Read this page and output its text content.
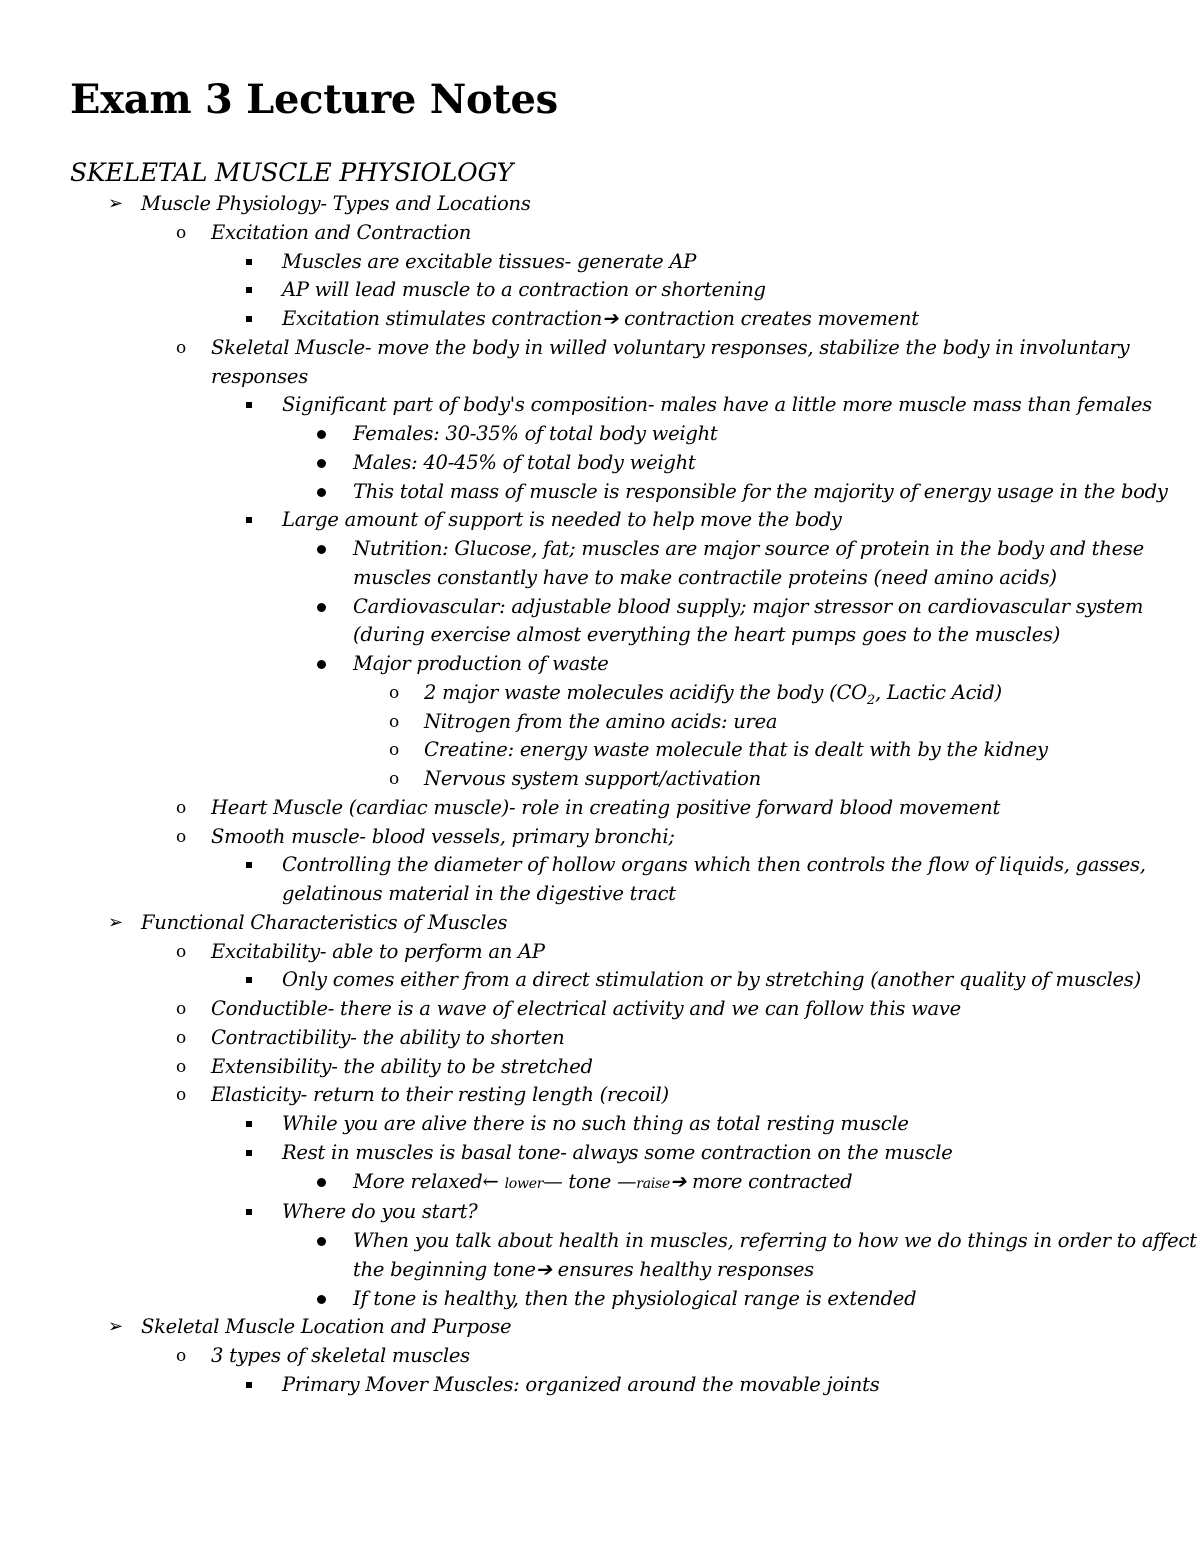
Exam 3 Lecture Notes
SKELETAL MUSCLE PHYSIOLOGY
➢ Muscle Physiology- Types and Locations
o Excitation and Contraction
Muscles are excitable tissues- generate AP
AP will lead muscle to a contraction or shortening
Excitation stimulates contraction➔ contraction creates movement
o Skeletal Muscle- move the body in willed voluntary responses, stabilize the body in involuntary responses
Significant part of body's composition- males have a little more muscle mass than females
Females: 30-35% of total body weight
Males: 40-45% of total body weight
This total mass of muscle is responsible for the majority of energy usage in the body
Large amount of support is needed to help move the body
Nutrition: Glucose, fat; muscles are major source of protein in the body and these muscles constantly have to make contractile proteins (need amino acids)
Cardiovascular: adjustable blood supply; major stressor on cardiovascular system (during exercise almost everything the heart pumps goes to the muscles)
Major production of waste
o 2 major waste molecules acidify the body ($CO_2$, Lactic Acid)
o Nitrogen from the amino acids: urea
o Creatine: energy waste molecule that is dealt with by the kidney
o Nervous system support/activation
o Heart Muscle (cardiac muscle)- role in creating positive forward blood movement
o Smooth muscle- blood vessels, primary bronchi;
Controlling the diameter of hollow organs which then controls the flow of liquids, gasses, gelatinous material in the digestive tract
➢ Functional Characteristics of Muscles
o Excitability- able to perform an AP
Only comes either from a direct stimulation or by stretching (another quality of muscles)
o Conductible- there is a wave of electrical activity and we can follow this wave
o Contractibility- the ability to shorten
o Extensibility- the ability to be stretched
o Elasticity- return to their resting length (recoil)
While you are alive there is no such thing as total resting muscle
Rest in muscles is basal tone- always some contraction on the muscle
More relaxed← lower— tone —raise➔ more contracted
Where do you start?
When you talk about health in muscles, referring to how we do things in order to affect the beginning tone➔ ensures healthy responses
If tone is healthy, then the physiological range is extended
➢ Skeletal Muscle Location and Purpose
o 3 types of skeletal muscles
Primary Mover Muscles: organized around the movable joints
